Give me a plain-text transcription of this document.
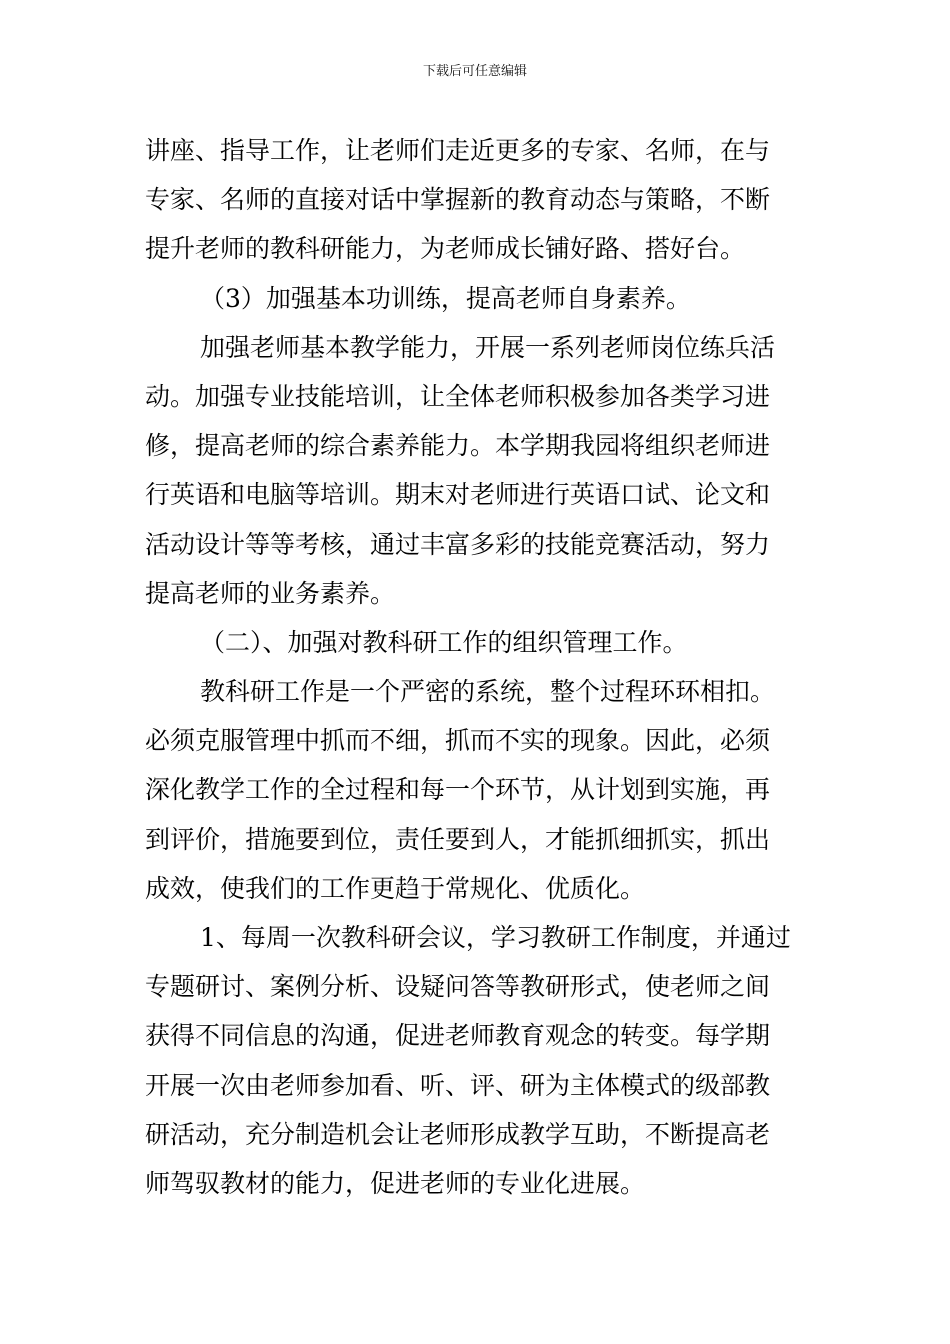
下载后可任意编辑
讲座、指导工作，让老师们走近更多的专家、名师，在与
专家、名师的直接对话中掌握新的教育动态与策略，不断
提升老师的教科研能力，为老师成长铺好路、搭好台。
（3）加强基本功训练，提高老师自身素养。
加强老师基本教学能力，开展一系列老师岗位练兵活
动。加强专业技能培训，让全体老师积极参加各类学习进
修，提高老师的综合素养能力。本学期我园将组织老师进
行英语和电脑等培训。期末对老师进行英语口试、论文和
活动设计等等考核，通过丰富多彩的技能竞赛活动，努力
提高老师的业务素养。
（二）、加强对教科研工作的组织管理工作。
教科研工作是一个严密的系统，整个过程环环相扣。
必须克服管理中抓而不细，抓而不实的现象。因此，必须
深化教学工作的全过程和每一个环节，从计划到实施，再
到评价，措施要到位，责任要到人，才能抓细抓实，抓出
成效，使我们的工作更趋于常规化、优质化。
1、每周一次教科研会议，学习教研工作制度，并通过
专题研讨、案例分析、设疑问答等教研形式，使老师之间
获得不同信息的沟通，促进老师教育观念的转变。每学期
开展一次由老师参加看、听、评、研为主体模式的级部教
研活动，充分制造机会让老师形成教学互助，不断提高老
师驾驭教材的能力，促进老师的专业化进展。
